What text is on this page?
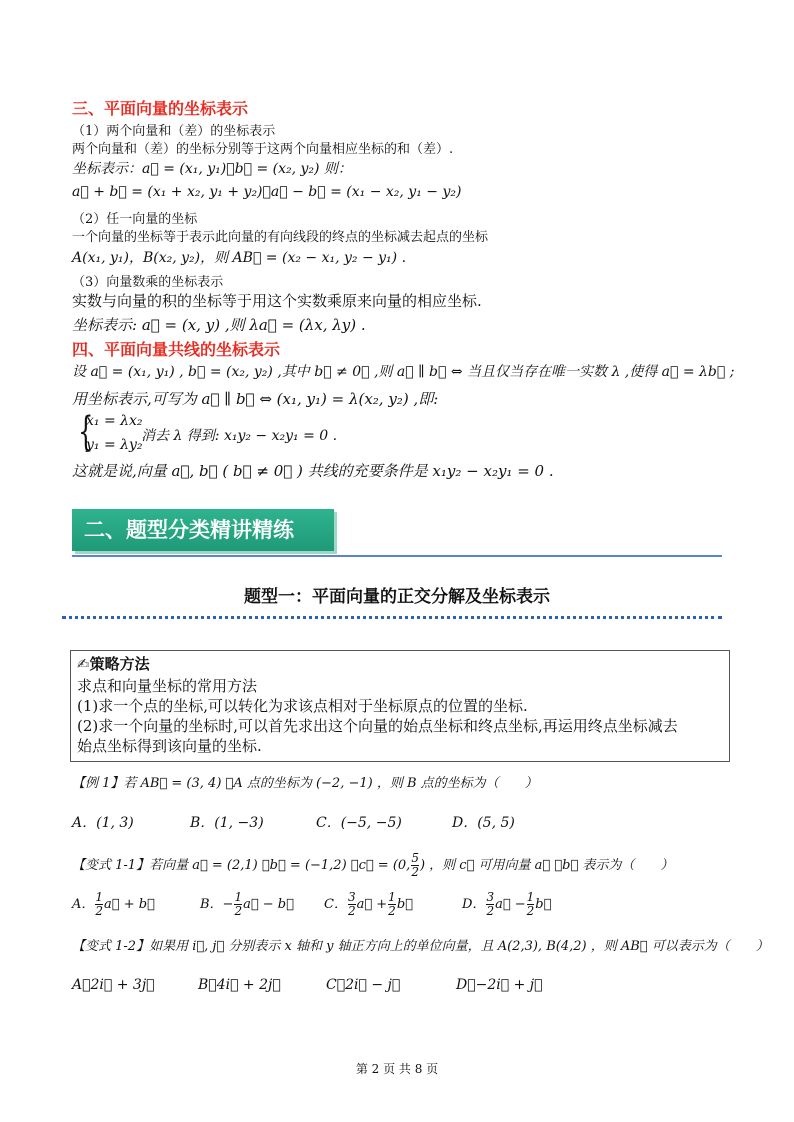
三、平面向量的坐标表示
（1）两个向量和（差）的坐标表示
两个向量和（差）的坐标分别等于这两个向量相应坐标的和（差）.
坐标表示：a⃗ = (x₁, y₁)，b⃗ = (x₂, y₂) 则：
a⃗ + b⃗ = (x₁ + x₂, y₁ + y₂)；a⃗ − b⃗ = (x₁ − x₂, y₁ − y₂)
（2）任一向量的坐标
一个向量的坐标等于表示此向量的有向线段的终点的坐标减去起点的坐标
A(x₁, y₁)，B(x₂, y₂)，则 AB⃗ = (x₂ − x₁, y₂ − y₁) .
（3）向量数乘的坐标表示
实数与向量的积的坐标等于用这个实数乘原来向量的相应坐标.
坐标表示: a⃗ = (x, y) ,则 λa⃗ = (λx, λy) .
四、平面向量共线的坐标表示
设 a⃗ = (x₁, y₁) , b⃗ = (x₂, y₂) ,其中 b⃗ ≠ 0⃗ ,则 a⃗ ∥ b⃗ ⇔ 当且仅当存在唯一实数 λ ,使得 a⃗ = λb⃗ ;
用坐标表示,可写为 a⃗ ∥ b⃗ ⇔ (x₁, y₁) = λ(x₂, y₂) ,即:
{
x₁ = λx₂
y₁ = λy₂
消去 λ 得到: x₁y₂ − x₂y₁ = 0 .
这就是说,向量 a⃗, b⃗ ( b⃗ ≠ 0⃗ ) 共线的充要条件是 x₁y₂ − x₂y₁ = 0 .
二、题型分类精讲精练
题型一：平面向量的正交分解及坐标表示
✍策略方法
求点和向量坐标的常用方法
(1)求一个点的坐标,可以转化为求该点相对于坐标原点的位置的坐标.
(2)求一个向量的坐标时,可以首先求出这个向量的始点坐标和终点坐标,再运用终点坐标减去
始点坐标得到该向量的坐标.
【例 1】若 AB⃗ = (3, 4) ，A 点的坐标为 (−2, −1) ，则 B 点的坐标为（　　）
A．(1, 3)	B．(1, −3)	C．(−5, −5)	D．(5, 5)
【变式 1-1】若向量 a⃗ = (2,1) ，b⃗ = (−1,2) ，c⃗ = (0, $\frac{5}{2}$ ) ，则 c⃗ 可用向量 a⃗ ，b⃗ 表示为（　　）
A． $\frac{1}{2}$ a⃗ + b⃗	B．− $\frac{1}{2}$ a⃗ − b⃗ C． $\frac{3}{2}$ a⃗ + $\frac{1}{2}$ b⃗	D． $\frac{3}{2}$ a⃗ − $\frac{1}{2}$ b⃗
【变式 1-2】如果用 i⃗, j⃗ 分别表示 x 轴和 y 轴正方向上的单位向量，且 A(2,3), B(4,2) ，则 AB⃗ 可以表示为（　　）
A．2i⃗ + 3j⃗	B．4i⃗ + 2j⃗	C．2i⃗ − j⃗	D．−2i⃗ + j⃗
第 2 页 共 8 页
